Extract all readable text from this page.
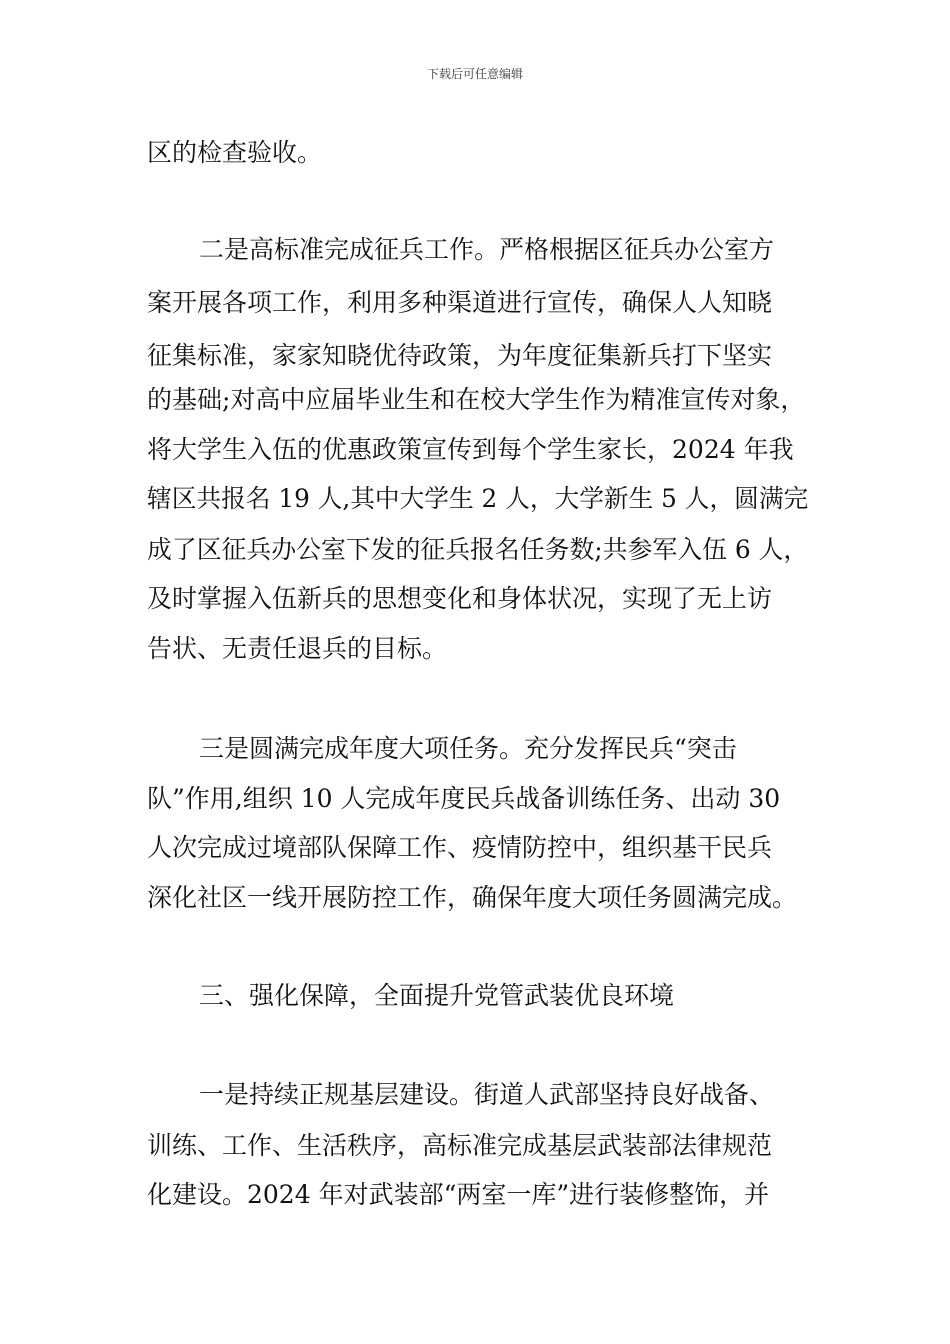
下载后可任意编辑
区的检查验收。
二是高标准完成征兵工作。严格根据区征兵办公室方
案开展各项工作，利用多种渠道进行宣传，确保人人知晓
征集标准，家家知晓优待政策，为年度征集新兵打下坚实
的基础;对高中应届毕业生和在校大学生作为精准宣传对象，
将大学生入伍的优惠政策宣传到每个学生家长，2024 年我
辖区共报名 19 人,其中大学生 2 人，大学新生 5 人，圆满完
成了区征兵办公室下发的征兵报名任务数;共参军入伍 6 人，
及时掌握入伍新兵的思想变化和身体状况，实现了无上访
告状、无责任退兵的目标。
三是圆满完成年度大项任务。充分发挥民兵“突击
队”作用,组织 10 人完成年度民兵战备训练任务、出动 30
人次完成过境部队保障工作、疫情防控中，组织基干民兵
深化社区一线开展防控工作，确保年度大项任务圆满完成。
三、强化保障，全面提升党管武装优良环境
一是持续正规基层建设。街道人武部坚持良好战备、
训练、工作、生活秩序，高标准完成基层武装部法律规范
化建设。2024 年对武装部“两室一库”进行装修整饰，并
